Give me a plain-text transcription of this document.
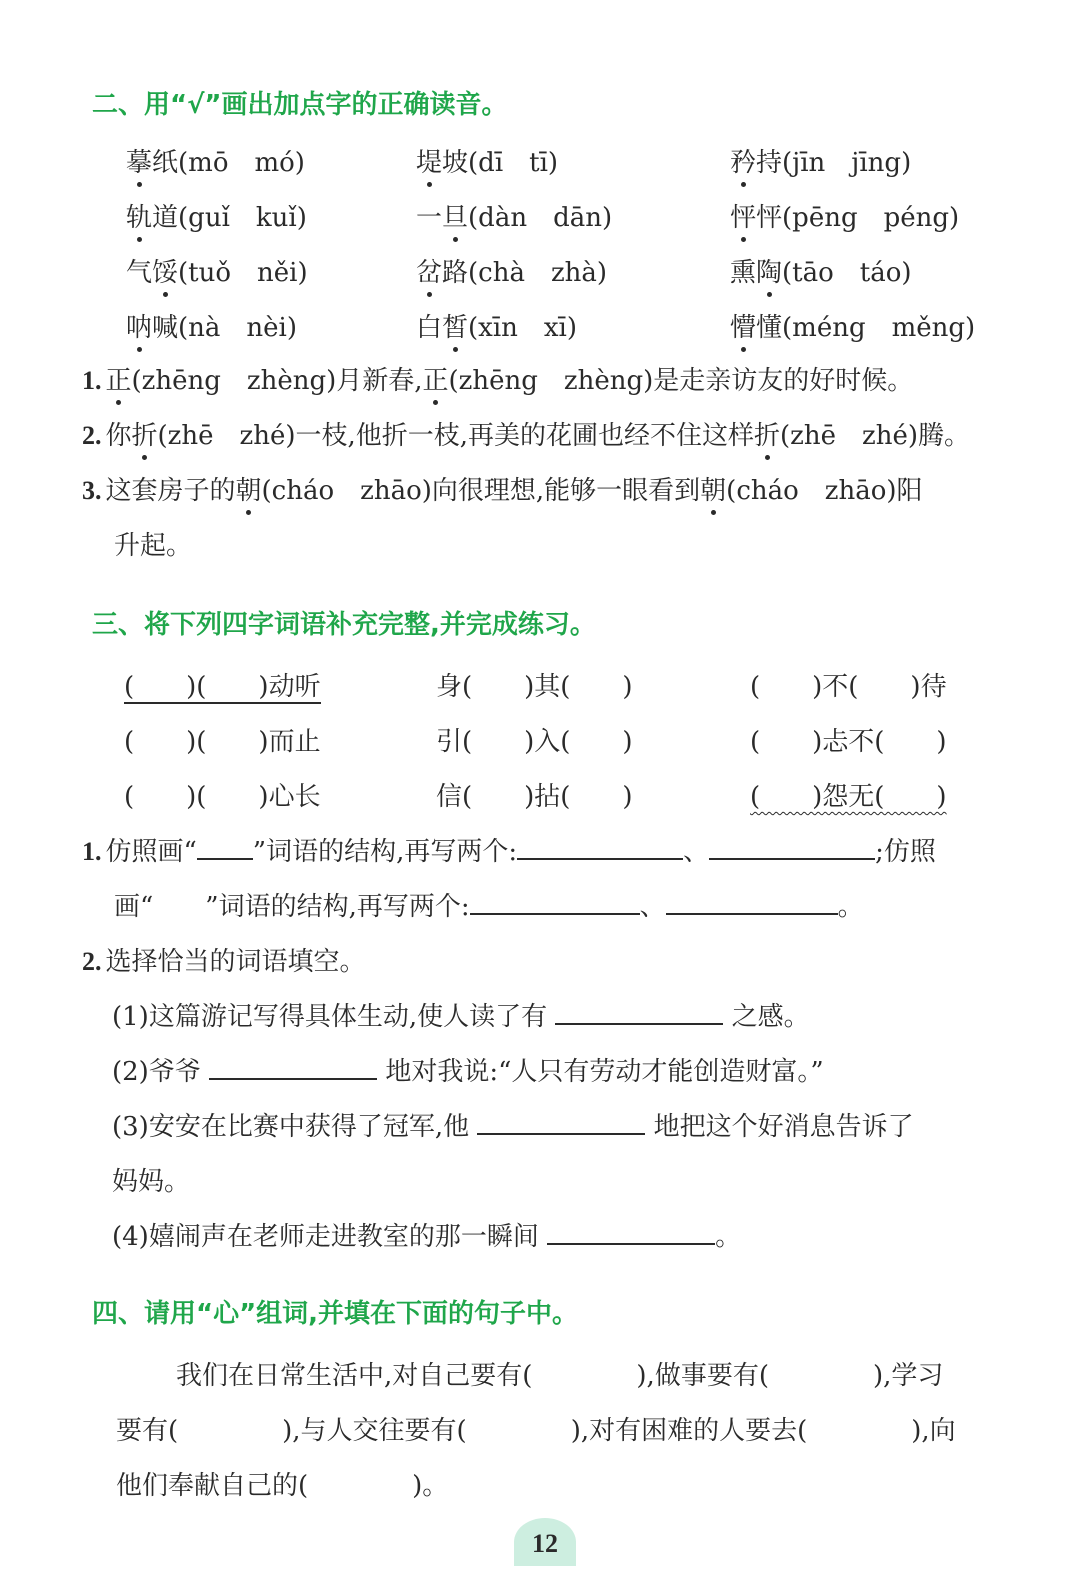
二、用“√”画出加点字的正确读音。
摹纸(mō　mó)	堤坡(dī　tī)	矜持(jīn　jīng)
轨道(guǐ　kuǐ)	一旦(dàn　dān)	怦怦(pēng　péng)
气馁(tuǒ　něi)	岔路(chà　zhà)	熏陶(tāo　táo)
呐喊(nà　nèi)	白皙(xīn　xī)	懵懂(méng　měng)
1. 正(zhēng　zhèng)月新春,正(zhēng　zhèng)是走亲访友的好时候。
2. 你折(zhē　zhé)一枝,他折一枝,再美的花圃也经不住这样折(zhē　zhé)腾。
3. 这套房子的朝(cháo　zhāo)向很理想,能够一眼看到朝(cháo　zhāo)阳
升起。
三、将下列四字词语补充完整,并完成练习。
(　　)(　　)动听	身(　　)其(　　)	(　　)不(　　)待
(　　)(　　)而止	引(　　)入(　　)	(　　)忐不(　　)
(　　)(　　)心长	信(　　)拈(　　)	(　　)怨无(　　)
1. 仿照画“ ”词语的结构,再写两个:	、	;仿照
画“ ”词语的结构,再写两个:	、	。
2. 选择恰当的词语填空。
(1)这篇游记写得具体生动,使人读了有	之感。
(2)爷爷	地对我说:“人只有劳动才能创造财富。”
(3)安安在比赛中获得了冠军,他	地把这个好消息告诉了
妈妈。
(4)嬉闹声在老师走进教室的那一瞬间	。
四、请用“心”组词,并填在下面的句子中。
我们在日常生活中,对自己要有(　　　　),做事要有(　　　　),学习
要有(　　　　),与人交往要有(　　　　),对有困难的人要去(　　　　),向
他们奉献自己的(　　　　)。
12
